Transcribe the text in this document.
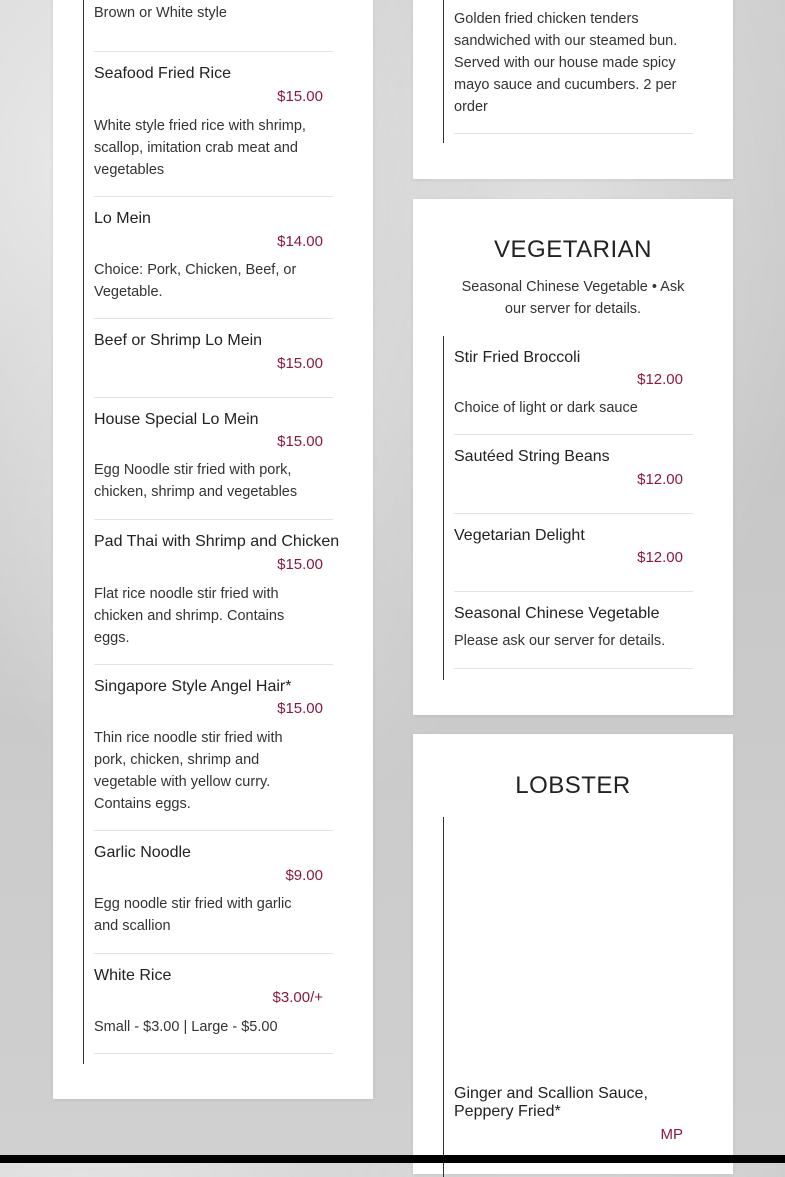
Brown or White style
Seafood Fried Rice
$15.00
White style fried rice with shrimp, scallop, imitation crab meat and vegetables
Lo Mein
$14.00
Choice: Pork, Chicken, Beef, or Vegetable.
Beef or Shrimp Lo Mein
$15.00
House Special Lo Mein
$15.00
Egg Noodle stir fried with pork, chicken, shrimp and vegetables
Pad Thai with Shrimp and Chicken
$15.00
Flat rice noodle stir fried with chicken and shrimp. Contains eggs.
Singapore Style Angel Hair*
$15.00
Thin rice noodle stir fried with pork, chicken, shrimp and vegetable with yellow curry. Contains eggs.
Garlic Noodle
$9.00
Egg noodle stir fried with garlic and scallion
White Rice
$3.00/+
Small - $3.00 | Large - $5.00
Golden fried chicken tenders sandwiched with our steamed bun. Served with our house made spicy mayo sauce and cucumbers. 2 per order
VEGETARIAN
Seasonal Chinese Vegetable • Ask our server for details.
Stir Fried Broccoli
$12.00
Choice of light or dark sauce
Sautéed String Beans
$12.00
Vegetarian Delight
$12.00
Seasonal Chinese Vegetable
Please ask our server for details.
LOBSTER
Ginger and Scallion Sauce, Peppery Fried*
MP
